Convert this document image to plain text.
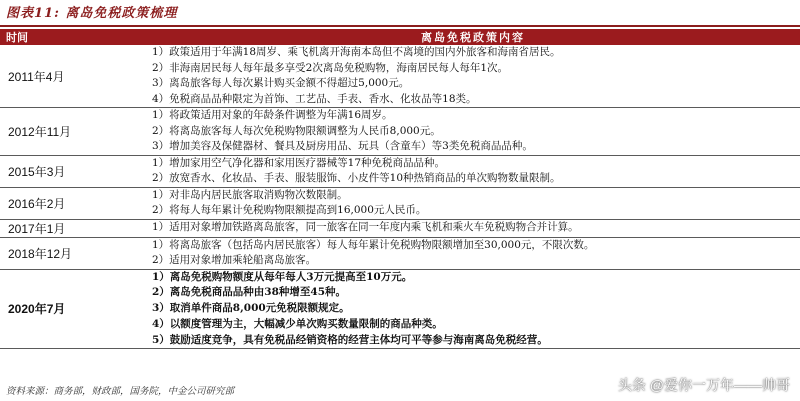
图表11: 离岛免税政策梳理
时间	离岛免税政策内容
2011年4月	1）政策适用于年满18周岁、乘飞机离开海南本岛但不离境的国内外旅客和海南省居民。
2）非海南居民每人每年最多享受2次离岛免税购物，海南居民每人每年1次。
3）离岛旅客每人每次累计购买金额不得超过5,000元。
4）免税商品品种限定为首饰、工艺品、手表、香水、化妆品等18类。

2012年11月	1）将政策适用对象的年龄条件调整为年满16周岁。
2）将离岛旅客每人每次免税购物限额调整为人民币8,000元。
3）增加美容及保健器材、餐具及厨房用品、玩具（含童车）等3类免税商品品种。

2015年3月	1）增加家用空气净化器和家用医疗器械等17种免税商品品种。
2）放宽香水、化妆品、手表、服装服饰、小皮件等10种热销商品的单次购物数量限制。

2016年2月	1）对非岛内居民旅客取消购物次数限制。
2）将每人每年累计免税购物限额提高到16,000元人民币。

2017年1月	1）适用对象增加铁路离岛旅客，同一旅客在同一年度内乘飞机和乘火车免税购物合并计算。

2018年12月	1）将离岛旅客（包括岛内居民旅客）每人每年累计免税购物限额增加至30,000元，不限次数。
2）适用对象增加乘轮船离岛旅客。

2020年7月	1）离岛免税购物额度从每年每人3万元提高至10万元。
2）离岛免税商品品种由38种增至45种。
3）取消单件商品8,000元免税限额规定。
4）以额度管理为主，大幅减少单次购买数量限制的商品种类。
5）鼓励适度竞争，具有免税品经销资格的经营主体均可平等参与海南离岛免税经营。
资料来源：商务部，财政部，国务院，中金公司研究部	头条 @爱你一万年——帅哥
